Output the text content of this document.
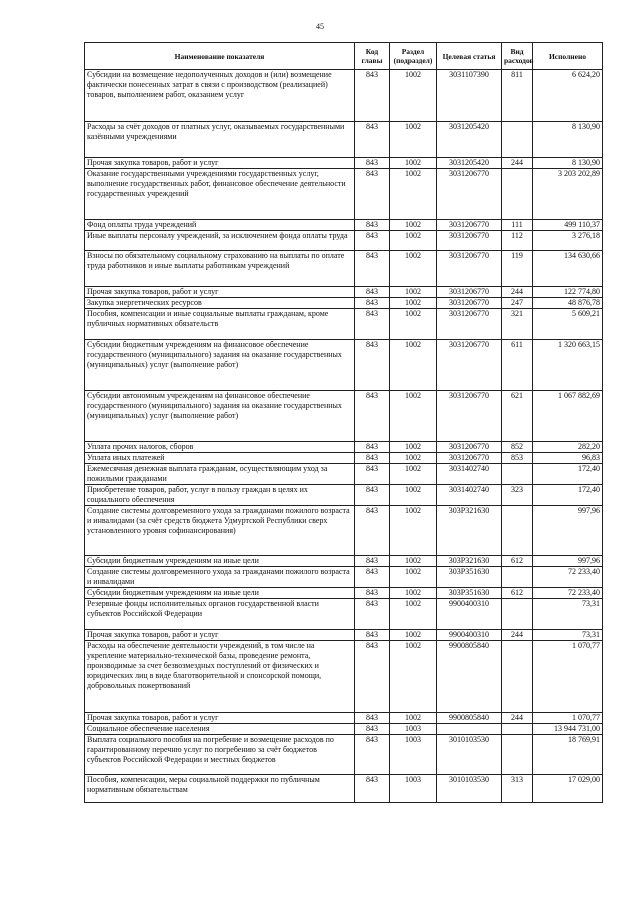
45
Наименование показателя	Код главы	Раздел (подраздел)	Целевая статья	Вид расходов	Исполнено
Субсидии на возмещение недополученных доходов и (или) возмещение фактически понесенных затрат в связи с производством (реализацией) товаров, выполнением работ, оказанием услуг	843	1002	3031107390	811	6 624,20
Расходы за счёт доходов от платных услуг, оказываемых государственными казёнными учреждениями	843	1002	3031205420		8 130,90
Прочая закупка товаров, работ и услуг	843	1002	3031205420	244	8 130,90
Оказание государственными учреждениями государственных услуг, выполнение государственных работ, финансовое обеспечение деятельности государственных учреждений	843	1002	3031206770		3 203 202,89
Фонд оплаты труда учреждений	843	1002	3031206770	111	499 110,37
Иные выплаты персоналу учреждений, за исключением фонда оплаты труда	843	1002	3031206770	112	3 276,18
Взносы по обязательному социальному страхованию на выплаты по оплате труда работников и иные выплаты работникам учреждений	843	1002	3031206770	119	134 630,66
Прочая закупка товаров, работ и услуг	843	1002	3031206770	244	122 774,80
Закупка энергетических ресурсов	843	1002	3031206770	247	48 876,78
Пособия, компенсации и иные социальные выплаты гражданам, кроме публичных нормативных обязательств	843	1002	3031206770	321	5 609,21
Субсидии бюджетным учреждениям на финансовое обеспечение государственного (муниципального) задания на оказание государственных (муниципальных) услуг (выполнение работ)	843	1002	3031206770	611	1 320 663,15
Субсидии автономным учреждениям на финансовое обеспечение государственного (муниципального) задания на оказание государственных (муниципальных) услуг (выполнение работ)	843	1002	3031206770	621	1 067 882,69
Уплата прочих налогов, сборов	843	1002	3031206770	852	282,20
Уплата иных платежей	843	1002	3031206770	853	96,83
Ежемесячная денежная выплата гражданам, осуществляющим уход за пожилыми гражданами	843	1002	3031402740		172,40
Приобретение товаров, работ, услуг в пользу граждан в целях их социального обеспечения	843	1002	3031402740	323	172,40
Создание системы долговременного ухода за гражданами пожилого возраста и инвалидами (за счёт средств бюджета Удмуртской Республики сверх установленного уровня софинансирования)	843	1002	303P321630		997,96
Субсидии бюджетным учреждениям на иные цели	843	1002	303P321630	612	997,96
Создание системы долговременного ухода за гражданами пожилого возраста и инвалидами	843	1002	303P351630		72 233,40
Субсидии бюджетным учреждениям на иные цели	843	1002	303P351630	612	72 233,40
Резервные фонды исполнительных органов государственной власти субъектов Российской Федерации	843	1002	9900400310		73,31
Прочая закупка товаров, работ и услуг	843	1002	9900400310	244	73,31
Расходы на обеспечение деятельности учреждений, в том числе на укрепление материально-технической базы, проведение ремонта, производимые за счет безвозмездных поступлений от физических и юридических лиц в виде благотворительной и спонсорской помощи, добровольных пожертвований	843	1002	9900805840		1 070,77
Прочая закупка товаров, работ и услуг	843	1002	9900805840	244	1 070,77
Социальное обеспечение населения	843	1003			13 944 731,00
Выплата социального пособия на погребение и возмещение расходов по гарантированному перечню услуг по погребению за счёт бюджетов субъектов Российской Федерации и местных бюджетов	843	1003	3010103530		18 769,91
Пособия, компенсации, меры социальной поддержки по публичным нормативным обязательствам	843	1003	3010103530	313	17 029,00
